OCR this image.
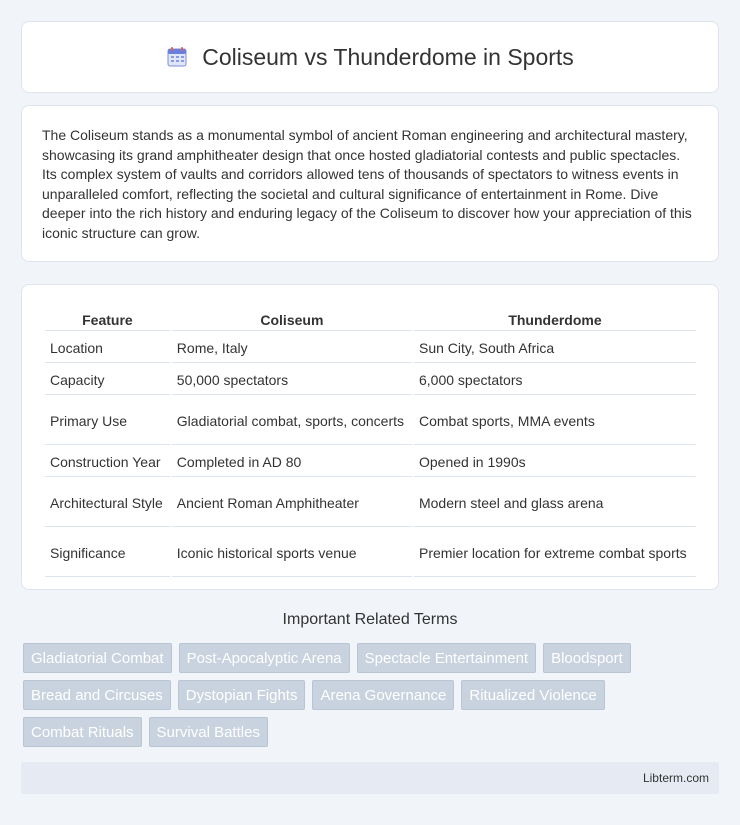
Coliseum vs Thunderdome in Sports

The Coliseum stands as a monumental symbol of ancient Roman engineering and architectural mastery, showcasing its grand amphitheater design that once hosted gladiatorial contests and public spectacles. Its complex system of vaults and corridors allowed tens of thousands of spectators to witness events in unparalleled comfort, reflecting the societal and cultural significance of entertainment in Rome. Dive deeper into the rich history and enduring legacy of the Coliseum to discover how your appreciation of this iconic structure can grow.

Feature	Coliseum	Thunderdome
Location	Rome, Italy	Sun City, South Africa
Capacity	50,000 spectators	6,000 spectators
Primary Use	Gladiatorial combat, sports, concerts	Combat sports, MMA events
Construction Year	Completed in AD 80	Opened in 1990s
Architectural Style	Ancient Roman Amphitheater	Modern steel and glass arena
Significance	Iconic historical sports venue	Premier location for extreme combat sports
Important Related Terms
Gladiatorial Combat	Post-Apocalyptic Arena	Spectacle Entertainment	Bloodsport
Bread and Circuses	Dystopian Fights	Arena Governance	Ritualized Violence
Combat Rituals	Survival Battles
Libterm.com
